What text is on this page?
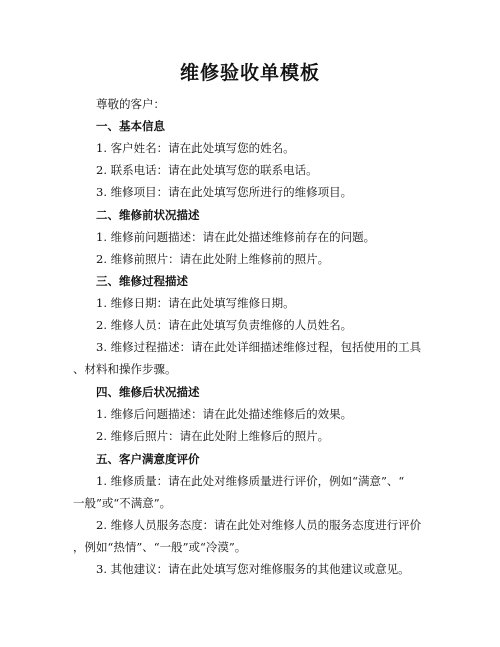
维修验收单模板
尊敬的客户：
一、基本信息
1. 客户姓名：请在此处填写您的姓名。
2. 联系电话：请在此处填写您的联系电话。
3. 维修项目：请在此处填写您所进行的维修项目。
二、维修前状况描述
1. 维修前问题描述：请在此处描述维修前存在的问题。
2. 维修前照片：请在此处附上维修前的照片。
三、维修过程描述
1. 维修日期：请在此处填写维修日期。
2. 维修人员：请在此处填写负责维修的人员姓名。
3. 维修过程描述：请在此处详细描述维修过程，包括使用的工具
、材料和操作步骤。
四、维修后状况描述
1. 维修后问题描述：请在此处描述维修后的效果。
2. 维修后照片：请在此处附上维修后的照片。
五、客户满意度评价
1. 维修质量：请在此处对维修质量进行评价，例如“满意”、“
一般”或“不满意”。
2. 维修人员服务态度：请在此处对维修人员的服务态度进行评价
，例如“热情”、“一般”或“冷漠”。
3. 其他建议：请在此处填写您对维修服务的其他建议或意见。
